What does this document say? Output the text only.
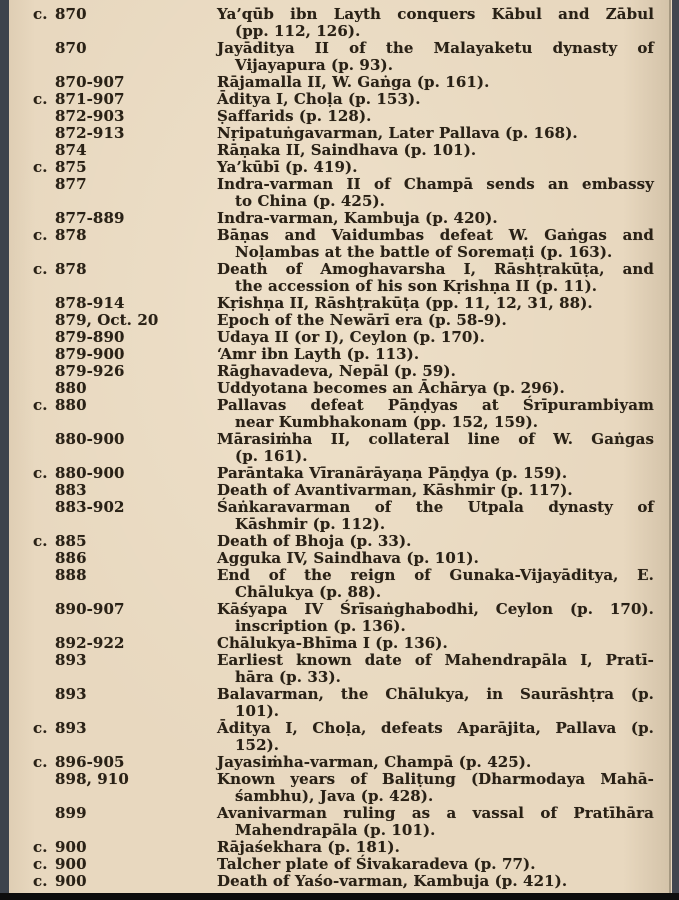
c. 870	Ya’qūb ibn Layth conquers Kābul and Zābul
(pp. 112, 126).
870	Jayāditya II of the Malayaketu dynasty of
Vijayapura (p. 93).
870-907	Rājamalla II, W. Gaṅga (p. 161).
c. 871-907	Āditya I, Choḷa (p. 153).
872-903	Ṣaffarids (p. 128).
872-913	Nṛipatuṅgavarman, Later Pallava (p. 168).
874	Rāṇaka II, Saindhava (p. 101).
c. 875	Ya’kūbī (p. 419).
877	Indra-varman II of Champā sends an embassy
to China (p. 425).
877-889	Indra-varman, Kambuja (p. 420).
c. 878	Bāṇas and Vaidumbas defeat W. Gaṅgas and
Noḷambas at the battle of Soremaṭi (p. 163).
c. 878	Death of Amoghavarsha I, Rāshṭrakūṭa, and
the accession of his son Kṛishṇa II (p. 11).
878-914	Kṛishṇa II, Rāshṭrakūṭa (pp. 11, 12, 31, 88).
879, Oct. 20	Epoch of the Newārī era (p. 58-9).
879-890	Udaya II (or I), Ceylon (p. 170).
879-900	‘Amr ibn Layth (p. 113).
879-926	Rāghavadeva, Nepāl (p. 59).
880	Uddyotana becomes an Āchārya (p. 296).
c. 880	Pallavas defeat Pāṇḍyas at Śrīpurambiyam
near Kumbhakonam (pp. 152, 159).
880-900	Mārasiṁha II, collateral line of W. Gaṅgas
(p. 161).
c. 880-900	Parāntaka Vīranārāyaṇa Pāṇḍya (p. 159).
883	Death of Avantivarman, Kāshmir (p. 117).
883-902	Śaṅkaravarman of the Utpala dynasty of
Kāshmir (p. 112).
c. 885	Death of Bhoja (p. 33).
886	Agguka IV, Saindhava (p. 101).
888	End of the reign of Gunaka-Vijayāditya, E.
Chālukya (p. 88).
890-907	Kāśyapa IV Śrīsaṅghabodhi, Ceylon (p. 170).
inscription (p. 136).
892-922	Chālukya-Bhīma I (p. 136).
893	Earliest known date of Mahendrapāla I, Pratī-
hāra (p. 33).
893	Balavarman, the Chālukya, in Saurāshṭra (p.
101).
c. 893	Āditya I, Choḷa, defeats Aparājita, Pallava (p.
152).
c. 896-905	Jayasiṁha-varman, Champā (p. 425).
898, 910	Known years of Baliṭung (Dharmodaya Mahā-
śambhu), Java (p. 428).
899	Avanivarman ruling as a vassal of Pratīhāra
Mahendrapāla (p. 101).
c. 900	Rājaśekhara (p. 181).
c. 900	Talcher plate of Śivakaradeva (p. 77).
c. 900	Death of Yaśo-varman, Kambuja (p. 421).
